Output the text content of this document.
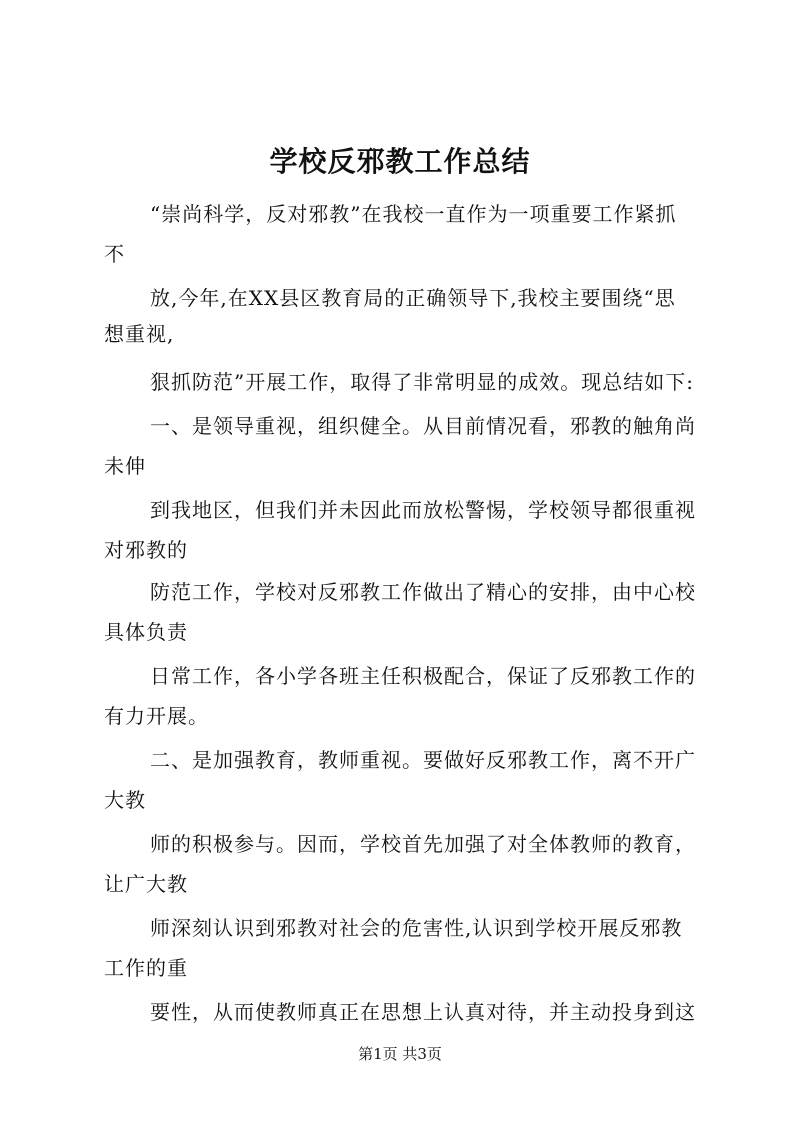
学校反邪教工作总结
“崇尚科学，反对邪教”在我校一直作为一项重要工作紧抓
不
放,今年,在XX县区教育局的正确领导下,我校主要围绕“思
想重视,
狠抓防范”开展工作，取得了非常明显的成效。现总结如下:
一、是领导重视，组织健全。从目前情况看，邪教的触角尚
未伸
到我地区，但我们并未因此而放松警惕，学校领导都很重视
对邪教的
防范工作，学校对反邪教工作做出了精心的安排，由中心校
具体负责
日常工作，各小学各班主任积极配合，保证了反邪教工作的
有力开展。
二、是加强教育，教师重视。要做好反邪教工作，离不开广
大教
师的积极参与。因而，学校首先加强了对全体教师的教育，
让广大教
师深刻认识到邪教对社会的危害性,认识到学校开展反邪教
工作的重
要性，从而使教师真正在思想上认真对待，并主动投身到这
第1页 共3页
